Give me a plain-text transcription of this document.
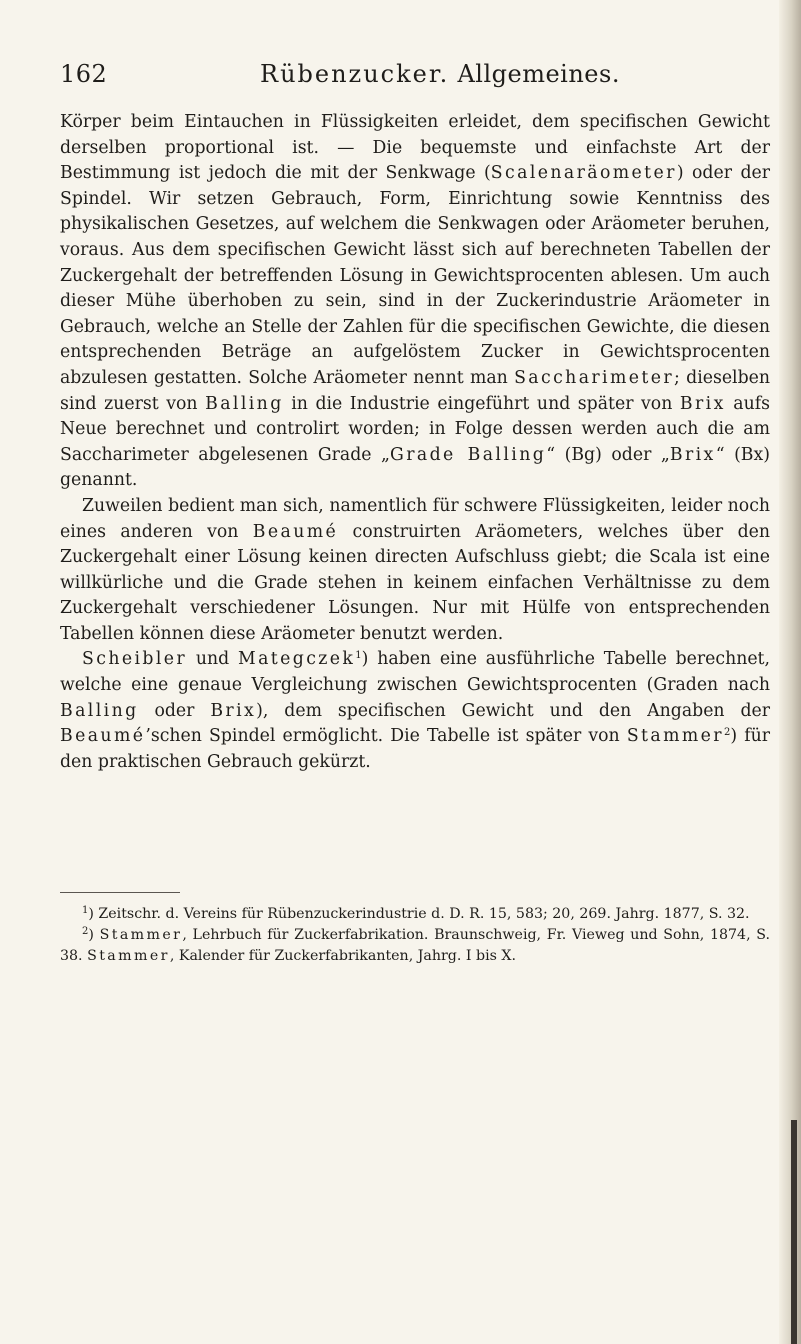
162	Rübenzucker. Allgemeines.

Körper beim Eintauchen in Flüssigkeiten erleidet, dem specifischen Gewicht derselben proportional ist. — Die bequemste und einfachste Art der Bestimmung ist jedoch die mit der Senkwage (Scalenaräometer) oder der Spindel. Wir setzen Gebrauch, Form, Einrichtung sowie Kenntniss des physikalischen Gesetzes, auf welchem die Senkwagen oder Aräometer beruhen, voraus. Aus dem specifischen Gewicht lässt sich auf berechneten Tabellen der Zuckergehalt der betreffenden Lösung in Gewichtsprocenten ablesen. Um auch dieser Mühe überhoben zu sein, sind in der Zuckerindustrie Aräometer in Gebrauch, welche an Stelle der Zahlen für die specifischen Gewichte, die diesen entsprechenden Beträge an aufgelöstem Zucker in Gewichtsprocenten abzulesen gestatten. Solche Aräometer nennt man Saccharimeter; dieselben sind zuerst von Balling in die Industrie eingeführt und später von Brix aufs Neue berechnet und controlirt worden; in Folge dessen werden auch die am Saccharimeter abgelesenen Grade „Grade Balling“ (Bg) oder „Brix“ (Bx) genannt.

Zuweilen bedient man sich, namentlich für schwere Flüssigkeiten, leider noch eines anderen von Beaumé construirten Aräometers, welches über den Zuckergehalt einer Lösung keinen directen Aufschluss giebt; die Scala ist eine willkürliche und die Grade stehen in keinem einfachen Verhältnisse zu dem Zuckergehalt verschiedener Lösungen. Nur mit Hülfe von entsprechenden Tabellen können diese Aräometer benutzt werden.

Scheibler und Mategczek$^1$) haben eine ausführliche Tabelle berechnet, welche eine genaue Vergleichung zwischen Gewichtsprocenten (Graden nach Balling oder Brix), dem specifischen Gewicht und den Angaben der Beaumé’schen Spindel ermöglicht. Die Tabelle ist später von Stammer$^2$) für den praktischen Gebrauch gekürzt.

$^1$) Zeitschr. d. Vereins für Rübenzuckerindustrie d. D. R. 15, 583; 20, 269. Jahrg. 1877, S. 32.

$^2$) Stammer, Lehrbuch für Zuckerfabrikation. Braunschweig, Fr. Vieweg und Sohn, 1874, S. 38. Stammer, Kalender für Zuckerfabrikanten, Jahrg. I bis X.
